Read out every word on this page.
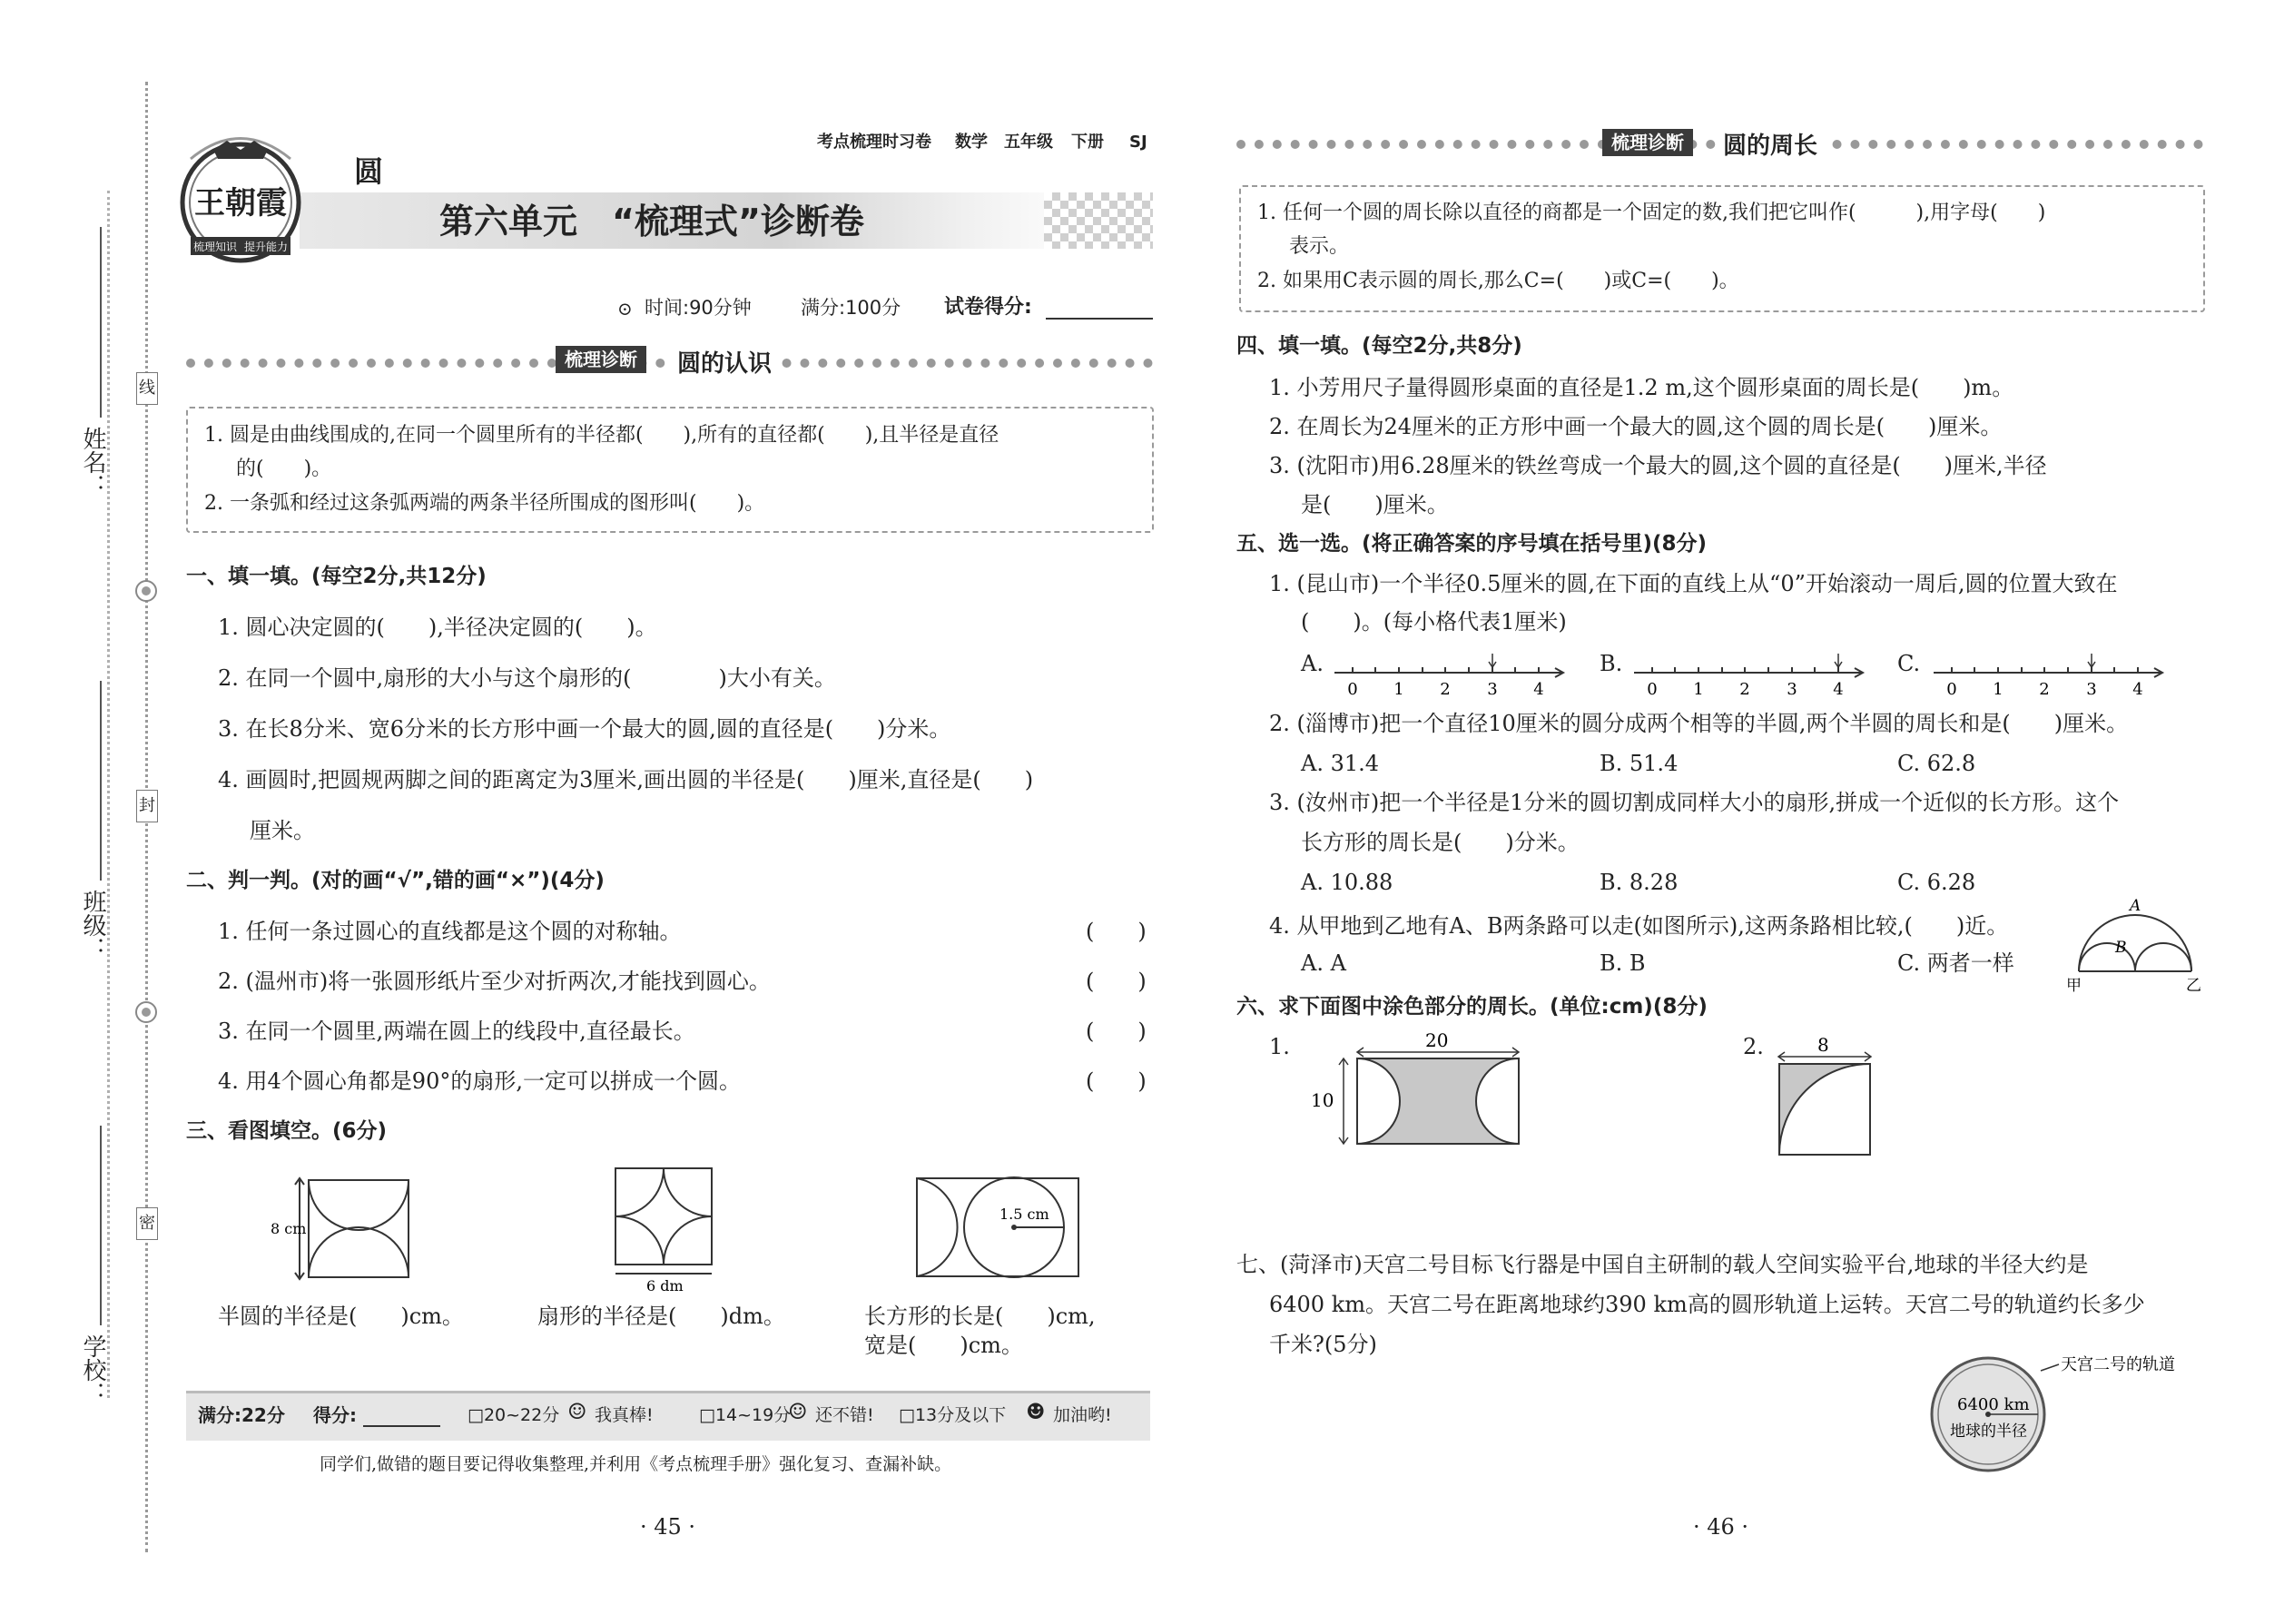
姓名：
班级：
学校：
线
封
密
王朝霞
梳理知识 提升能力
圆
考点梳理时习卷 数学 五年级 下册 SJ
第六单元　“梳理式”诊断卷
⊙ 时间:90分钟	满分:100分 试卷得分:
梳理诊断	圆的认识
1. 圆是由曲线围成的,在同一个圆里所有的半径都(　　),所有的直径都(　　),且半径是直径
的(　　)。
2. 一条弧和经过这条弧两端的两条半径所围成的图形叫(　　)。
一、填一填。(每空2分,共12分)
1. 圆心决定圆的(　　),半径决定圆的(　　)。
2. 在同一个圆中,扇形的大小与这个扇形的(　　　　)大小有关。
3. 在长8分米、宽6分米的长方形中画一个最大的圆,圆的直径是(　　)分米。
4. 画圆时,把圆规两脚之间的距离定为3厘米,画出圆的半径是(　　)厘米,直径是(　　)
厘米。
二、判一判。(对的画“√”,错的画“×”)(4分)
1. 任何一条过圆心的直线都是这个圆的对称轴。	(　　)
2. (温州市)将一张圆形纸片至少对折两次,才能找到圆心。	(　　)
3. 在同一个圆里,两端在圆上的线段中,直径最长。	(　　)
4. 用4个圆心角都是90°的扇形,一定可以拼成一个圆。	(　　)
三、看图填空。(6分)
8 cm
6 dm
1.5 cm
半圆的半径是(　　)cm。	扇形的半径是(　　)dm。	长方形的长是(　　)cm,
宽是(　　)cm。
满分:22分 得分:	□20~22分 ☺ 我真棒!	□14~19分
☺ 还不错! □13分及以下 ☻ 加油哟!
同学们,做错的题目要记得收集整理,并利用《考点梳理手册》强化复习、查漏补缺。
· 45 ·
梳理诊断	圆的周长
1. 任何一个圆的周长除以直径的商都是一个固定的数,我们把它叫作(　　　),用字母(　　)
表示。
2. 如果用C表示圆的周长,那么C=(　　)或C=(　　)。
四、填一填。(每空2分,共8分)
1. 小芳用尺子量得圆形桌面的直径是1.2 m,这个圆形桌面的周长是(　　)m。
2. 在周长为24厘米的正方形中画一个最大的圆,这个圆的周长是(　　)厘米。
3. (沈阳市)用6.28厘米的铁丝弯成一个最大的圆,这个圆的直径是(　　)厘米,半径
是(　　)厘米。
五、选一选。(将正确答案的序号填在括号里)(8分)
1. (昆山市)一个半径0.5厘米的圆,在下面的直线上从“0”开始滚动一周后,圆的位置大致在
(　　)。(每小格代表1厘米)
A.	B.	C.
0 1 2 3 4	0 1 2 3 4	0 1 2 3 4
2. (淄博市)把一个直径10厘米的圆分成两个相等的半圆,两个半圆的周长和是(　　)厘米。
A. 31.4	B. 51.4	C. 62.8
3. (汝州市)把一个半径是1分米的圆切割成同样大小的扇形,拼成一个近似的长方形。这个
长方形的周长是(　　)分米。
A. 10.88	B. 8.28	C. 6.28
4. 从甲地到乙地有A、B两条路可以走(如图所示),这两条路相比较,(　　)近。
A. A	B. B	C. 两者一样
A
B
甲	乙
六、求下面图中涂色部分的周长。(单位:cm)(8分)
1.	2.
20
10
8
七、(菏泽市)天宫二号目标飞行器是中国自主研制的载人空间实验平台,地球的半径大约是
6400 km。天宫二号在距离地球约390 km高的圆形轨道上运转。天宫二号的轨道约长多少
千米?(5分)
6400 km
地球的半径
天宫二号的轨道
· 46 ·
